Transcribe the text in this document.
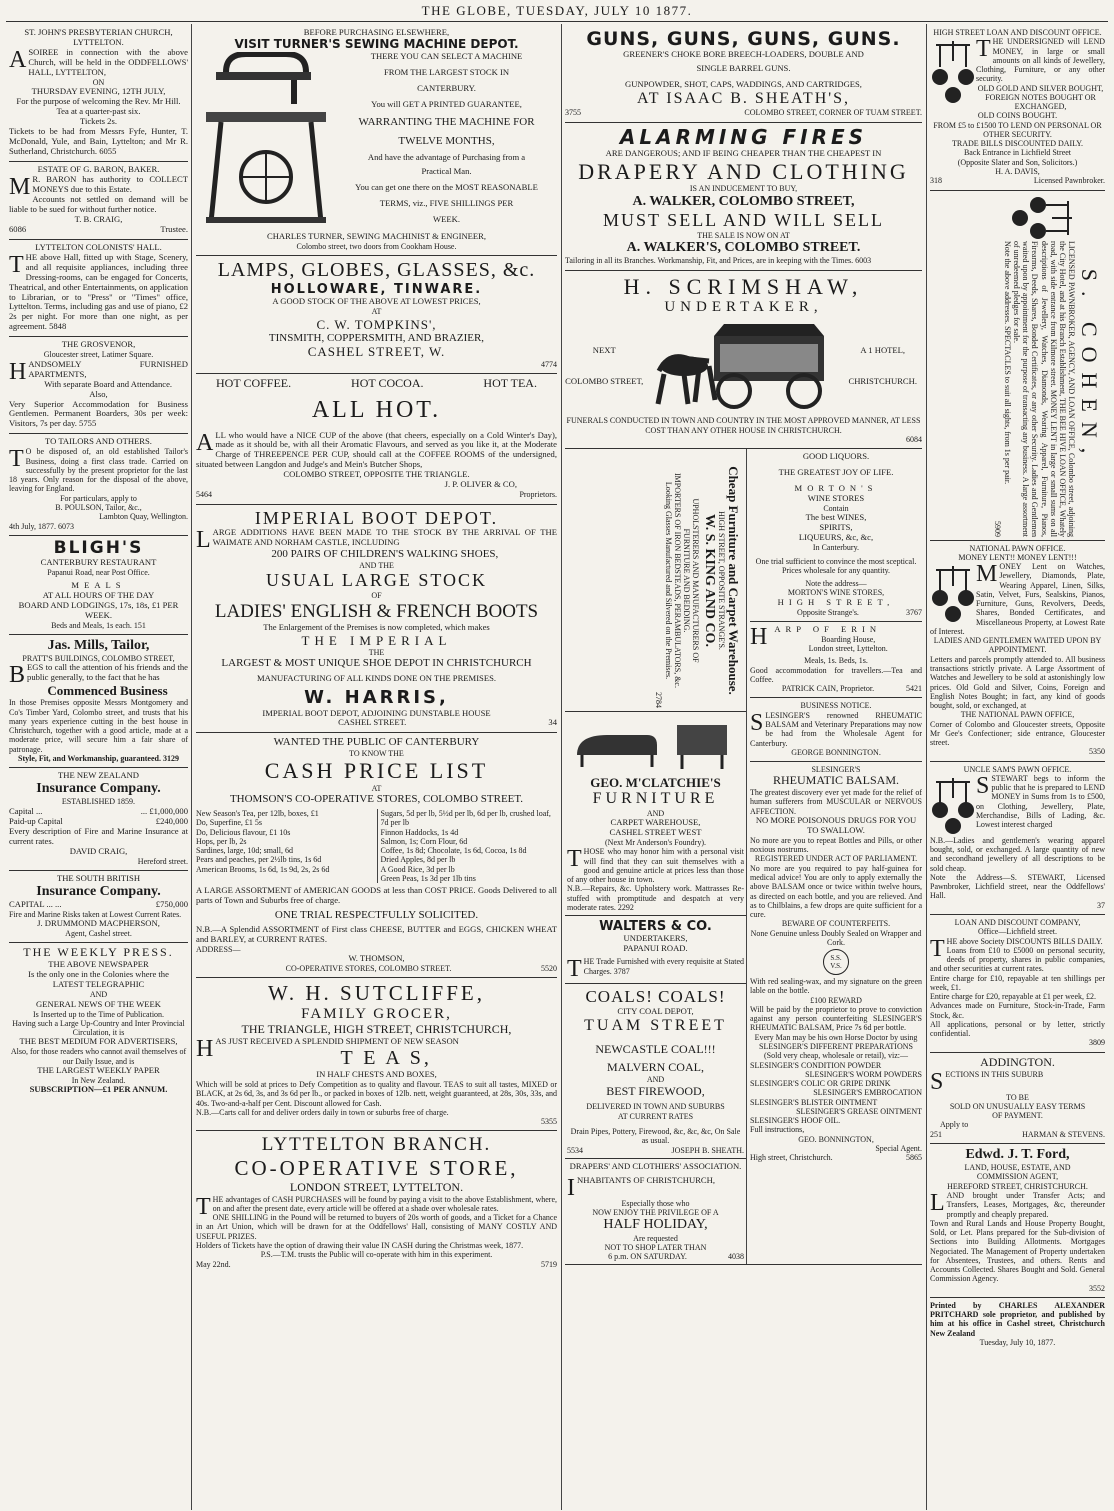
THE GLOBE, TUESDAY, JULY 10 1877.

ST. JOHN'S PRESBYTERIAN CHURCH, LYTTELTON.

ASOIREE in connection with the above Church, will be held in the ODDFELLOWS' HALL, LYTTELTON,

ON

THURSDAY EVENING, 12TH JULY,

For the purpose of welcoming the Rev. Mr Hill.

Tea at a quarter-past six.

Tickets 2s.

Tickets to be had from Messrs Fyfe, Hunter, T. McDonald, Yule, and Bain, Lyttelton; and Mr R. Sutherland, Christchurch. 6055

ESTATE OF G. BARON, BAKER.

M R. BARON has authority to COLLECT MONEYS due to this Estate.

Accounts not settled on demand will be liable to be sued for without further notice.

T. B. CRAIG,

6086	Trustee.

LYTTELTON COLONISTS' HALL.

THE above Hall, fitted up with Stage, Scenery, and all requisite appliances, including three Dressing-rooms, can be engaged for Concerts, Theatrical, and other Entertainments, on application to Librarian, or to "Press" or "Times" office, Lyttelton. Terms, including gas and use of piano, £2 2s per night. For more than one night, as per agreement. 5848

THE GROSVENOR,

Gloucester street, Latimer Square.

HANDSOMELY FURNISHED APARTMENTS,

With separate Board and Attendance.

Also,

Very Superior Accommodation for Business Gentlemen. Permanent Boarders, 30s per week: Visitors, 7s per day. 5755

TO TAILORS AND OTHERS.

T O be disposed of, an old established Tailor's Business, doing a first class trade. Carried on successfully by the present proprietor for the last 18 years. Only reason for the disposal of the above, leaving for England.

For particulars, apply to

B. POULSON, Tailor, &c.,

Lambton Quay, Wellington.

4th July, 1877. 6073

BLIGH'S

CANTERBURY RESTAURANT

Papanui Road, near Post Office.

MEALS

AT ALL HOURS OF THE DAY

BOARD AND LODGINGS, 17s, 18s, £1 PER WEEK.

Beds and Meals, 1s each. 151

Jas. Mills, Tailor,

PRATT'S BUILDINGS, COLOMBO STREET,

BEGS to call the attention of his friends and the public generally, to the fact that he has

Commenced Business

In those Premises opposite Messrs Montgomery and Co's Timber Yard, Colombo street, and trusts that his many years experience cutting in the best house in Christchurch, together with a good article, made at a moderate price, will secure him a fair share of patronage.

Style, Fit, and Workmanship, guaranteed. 3129

THE NEW ZEALAND

Insurance Company.

ESTABLISHED 1859.

Capital ...	... £1,000,000
Paid-up Capital	£240,000

Every description of Fire and Marine Insurance at current rates.

DAVID CRAIG,

Hereford street.

THE SOUTH BRITISH

Insurance Company.

CAPITAL ... ...	£750,000

Fire and Marine Risks taken at Lowest Current Rates.

J. DRUMMOND MACPHERSON,

Agent, Cashel street.

THE WEEKLY PRESS.

THE ABOVE NEWSPAPER

Is the only one in the Colonies where the

LATEST TELEGRAPHIC

AND

GENERAL NEWS OF THE WEEK

Is Inserted up to the Time of Publication.

Having such a Large Up-Country and Inter Provincial Circulation, it is

THE BEST MEDIUM FOR ADVERTISERS,

Also, for those readers who cannot avail themselves of our Daily Issue, and is

THE LARGEST WEEKLY PAPER

In New Zealand.

SUBSCRIPTION—£1 PER ANNUM.

BEFORE PURCHASING ELSEWHERE,

VISIT TURNER'S SEWING MACHINE DEPOT.

THERE YOU CAN SELECT A MACHINE

FROM THE LARGEST STOCK IN

CANTERBURY.

You will GET A PRINTED GUARANTEE,

WARRANTING THE MACHINE FOR

TWELVE MONTHS,

And have the advantage of Purchasing from a

Practical Man.

You can get one there on the MOST REASONABLE

TERMS, viz., FIVE SHILLINGS PER

WEEK.

CHARLES TURNER, SEWING MACHINIST & ENGINEER,

Colombo street, two doors from Cookham House.

LAMPS, GLOBES, GLASSES, &c.

HOLLOWARE, TINWARE.

A GOOD STOCK OF THE ABOVE AT LOWEST PRICES,

AT

C. W. TOMPKINS',

TINSMITH, COPPERSMITH, AND BRAZIER,

CASHEL STREET, W.

4774

HOT COFFEE.	HOT COCOA.	HOT TEA.

ALL HOT.

ALL who would have a NICE CUP of the above (that cheers, especially on a Cold Winter's Day), made as it should be, with all their Aromatic Flavours, and served as you like it, at the Moderate Charge of THREEPENCE PER CUP, should call at the COFFEE ROOMS of the undersigned, situated between Langdon and Judge's and Mein's Butcher Shops,

COLOMBO STREET, OPPOSITE THE TRIANGLE.

J. P. OLIVER & CO,

5464	Proprietors.

IMPERIAL BOOT DEPOT.

LARGE ADDITIONS HAVE BEEN MADE TO THE STOCK BY THE ARRIVAL OF THE WAIMATE AND NORHAM CASTLE, INCLUDING

200 PAIRS OF CHILDREN'S WALKING SHOES,

AND THE

USUAL LARGE STOCK

OF

LADIES' ENGLISH & FRENCH BOOTS

The Enlargement of the Premises is now completed, which makes

THE IMPERIAL

THE

LARGEST & MOST UNIQUE SHOE DEPOT IN CHRISTCHURCH

MANUFACTURING OF ALL KINDS DONE ON THE PREMISES.

W. HARRIS,

IMPERIAL BOOT DEPOT, ADJOINING DUNSTABLE HOUSE

CASHEL STREET.	34

WANTED THE PUBLIC OF CANTERBURY

TO KNOW THE

CASH PRICE LIST

AT

THOMSON'S CO-OPERATIVE STORES, COLOMBO STREET.

New Season's Tea, per 12lb, boxes, £1

Do, Superfine, £1 5s

Do, Delicious flavour, £1 10s

Hops, per lb, 2s

Sardines, large, 10d; small, 6d

Pears and peaches, per 2½lb tins, 1s 6d

American Brooms, 1s 6d, 1s 9d, 2s, 2s 6d

Sugars, 5d per lb, 5½d per lb, 6d per lb, crushed loaf, 7d per lb

Finnon Haddocks, 1s 4d

Salmon, 1s; Corn Flour, 6d

Coffee, 1s 8d; Chocolate, 1s 6d, Cocoa, 1s 8d

Dried Apples, 8d per lb

A Good Rice, 3d per lb

Green Peas, 1s 3d per 1lb tins

A LARGE ASSORTMENT of AMERICAN GOODS at less than COST PRICE. Goods Delivered to all parts of Town and Suburbs free of charge.

ONE TRIAL RESPECTFULLY SOLICITED.

N.B.—A Splendid ASSORTMENT of First class CHEESE, BUTTER and EGGS, CHICKEN WHEAT and BARLEY, at CURRENT RATES.

ADDRESS—

W. THOMSON,

CO-OPERATIVE STORES, COLOMBO STREET.	5520

W. H. SUTCLIFFE,

FAMILY GROCER,

THE TRIANGLE, HIGH STREET, CHRISTCHURCH,

HAS JUST RECEIVED A SPLENDID SHIPMENT OF NEW SEASON

T E A S,

IN HALF CHESTS AND BOXES,

Which will be sold at prices to Defy Competition as to quality and flavour. TEAS to suit all tastes, MIXED or BLACK, at 2s 6d, 3s, and 3s 6d per lb., or packed in boxes of 12lb. nett, weight guaranteed, at 28s, 30s, 33s, and 40s. Two-and-a-half per Cent. Discount allowed for Cash.

N.B.—Carts call for and deliver orders daily in town or suburbs free of charge.

5355

LYTTELTON BRANCH.

CO-OPERATIVE STORE,

LONDON STREET, LYTTELTON.

THE advantages of CASH PURCHASES will be found by paying a visit to the above Establishment, where, on and after the present date, every article will be offered at a shade over wholesale rates.

ONE SHILLING in the Pound will be returned to buyers of 20s worth of goods, and a Ticket for a Chance in an Art Union, which will be drawn for at the Oddfellows' Hall, consisting of MANY COSTLY AND USEFUL PRIZES.

Holders of Tickets have the option of drawing their value IN CASH during the Christmas week, 1877.

P.S.—T.M. trusts the Public will co-operate with him in this experiment.

May 22nd.	5719

GUNS, GUNS, GUNS, GUNS.

GREENER'S CHOKE BORE BREECH-LOADERS, DOUBLE AND

SINGLE BARREL GUNS.

GUNPOWDER, SHOT, CAPS, WADDINGS, AND CARTRIDGES,

AT ISAAC B. SHEATH'S,

3755	COLOMBO STREET, CORNER OF TUAM STREET.

ALARMING FIRES

ARE DANGEROUS; AND IF BEING CHEAPER THAN THE CHEAPEST IN

DRAPERY AND CLOTHING

IS AN INDUCEMENT TO BUY,

A. WALKER, COLOMBO STREET,

MUST SELL AND WILL SELL

THE SALE IS NOW ON AT

A. WALKER'S, COLOMBO STREET.

Tailoring in all its Branches. Workmanship, Fit, and Prices, are in keeping with the Times. 6003

H. SCRIMSHAW,

UNDERTAKER,

NEXT

COLOMBO STREET,

A 1 HOTEL,

CHRISTCHURCH.

FUNERALS CONDUCTED IN TOWN AND COUNTRY IN THE MOST APPROVED MANNER, AT LESS COST THAN ANY OTHER HOUSE IN CHRISTCHURCH.

6084

Cheap Furniture and Carpet Warehouse.

HIGH STREET, OPPOSITE STRANGE'S.

W. S. KING AND CO.

UPHOLSTERERS AND MANUFACTURERS OF

FURNITURE AND BEDDING.

IMPORTERS OF IRON BEDSTEADS, PERAMBULATORS, &c.

Looking Glasses Manufactured and Silvered on the Premises.

2784

GEO. M'CLATCHIE'S

FURNITURE

AND

CARPET WAREHOUSE,

CASHEL STREET WEST

(Next Mr Anderson's Foundry).

THOSE who may honor him with a personal visit will find that they can suit themselves with a good and genuine article at prices less than those of any other house in town.

N.B.—Repairs, &c. Upholstery work. Mattrasses Re-stuffed with promptitude and despatch at very moderate rates. 2292

WALTERS & CO.

UNDERTAKERS,

PAPANUI ROAD.

THE Trade Furnished with every requisite at Stated Charges. 3787

COALS! COALS!

CITY COAL DEPOT,

TUAM STREET

NEWCASTLE COAL!!!

MALVERN COAL,

AND

BEST FIREWOOD,

DELIVERED IN TOWN AND SUBURBS

AT CURRENT RATES

Drain Pipes, Pottery, Firewood, &c, &c, &c, On Sale as usual.

5534	JOSEPH B. SHEATH.

DRAPERS' AND CLOTHIERS' ASSOCIATION.

INHABITANTS OF CHRISTCHURCH,

Especially those who

NOW ENJOY THE PRIVILEGE OF A

HALF HOLIDAY,

Are requested

NOT TO SHOP LATER THAN

6 p.m. ON SATURDAY.	4038

GOOD LIQUORS.

THE GREATEST JOY OF LIFE.

MORTON'S

WINE STORES

Contain

The best WINES,

SPIRITS,

LIQUEURS, &c, &c,

In Canterbury.

One trial sufficient to convince the most sceptical.

Prices wholesale for any quantity.

Note the address—

MORTON'S WINE STORES,

HIGH STREET,

Opposite Strange's.	3767

HARP OF ERIN

Boarding House,

London street, Lyttelton.

Meals, 1s. Beds, 1s.

Good accommodation for travellers.—Tea and Coffee.

PATRICK CAIN, Proprietor.	5421

BUSINESS NOTICE.

SLESINGER'S renowned RHEUMATIC BALSAM and Veterinary Preparations may now be had from the Wholesale Agent for Canterbury.

GEORGE BONNINGTON.

SLESINGER'S

RHEUMATIC BALSAM.

The greatest discovery ever yet made for the relief of human sufferers from MUSCULAR or NERVOUS AFFECTION.

NO MORE POISONOUS DRUGS FOR YOU TO SWALLOW.

No more are you to repeat Bottles and Pills, or other noxious nostrums.

REGISTERED UNDER ACT OF PARLIAMENT.

No more are you required to pay half-guinea for medical advice! You are only to apply externally the above BALSAM once or twice within twelve hours, as directed on each bottle, and you are relieved. And as to Chilblains, a few drops are quite sufficient for a cure.

BEWARE OF COUNTERFEITS.

None Genuine unless Doubly Sealed on Wrapper and Cork.

S.S.
V.S.

With red sealing-wax, and my signature on the green lable on the bottle.

£100 REWARD

Will be paid by the proprietor to prove to conviction against any person counterfeiting SLESINGER'S RHEUMATIC BALSAM, Price 7s 6d per bottle.

Every Man may be his own Horse Doctor by using

SLESINGER'S DIFFERENT PREPARATIONS (Sold very cheap, wholesale or retail), viz:—

SLESINGER'S CONDITION POWDER

SLESINGER'S WORM POWDERS

SLESINGER'S COLIC OR GRIPE DRINK

SLESINGER'S EMBROCATION

SLESINGER'S BLISTER OINTMENT

SLESINGER'S GREASE OINTMENT

SLESINGER'S HOOF OIL.

Full instructions,

GEO. BONNINGTON,

Special Agent.

High street, Christchurch.	5865

HIGH STREET LOAN AND DISCOUNT OFFICE.

THE UNDERSIGNED will LEND MONEY, in large or small amounts on all kinds of Jewellery, Clothing, Furniture, or any other security.

OLD GOLD AND SILVER BOUGHT, FOREIGN NOTES BOUGHT OR EXCHANGED,

OLD COINS BOUGHT.

FROM £5 to £1500 TO LEND ON PERSONAL OR OTHER SECURITY.

TRADE BILLS DISCOUNTED DAILY.

Back Entrance in Lichfield Street

(Opposite Slater and Son, Solicitors.)

H. A. DAVIS,

318	Licensed Pawnbroker.

S. COHEN,

LICENSED PAWNBROKER, AGENCY, AND LOAN OFFICE, Colombo street, adjoining the City Hotel, and at his Branch Establishment, THE BEE HIVE LOAN OFFICE, Whately road, with side entrance from Kilmore street. MONEY LENT in large or small sums on all descriptions of Jewellery, Watches, Diamonds, Wearing Apparel, Furniture, Pianos, Firearms, Deeds, Shares, Bonded Certificates, or any other Security. Ladies and Gentlemen waited upon by appointment for the purpose of transacting any business. A large assortment of unredeemed pledges for sale.

Note the above addresses. SPECTACLES to suit all sights, from 1s per pair.

5909

NATIONAL PAWN OFFICE.

MONEY LENT!! MONEY LENT!!!

MONEY Lent on Watches, Jewellery, Diamonds, Plate, Wearing Apparel, Linen, Silks, Satin, Velvet, Furs, Sealskins, Pianos, Furniture, Guns, Revolvers, Deeds, Shares, Bonded Certificates, and Miscellaneous Property, at Lowest Rate of Interest.

LADIES AND GENTLEMEN WAITED UPON BY APPOINTMENT.

Letters and parcels promptly attended to. All business transactions strictly private. A Large Assortment of Watches and Jewellery to be sold at astonishingly low prices. Old Gold and Silver, Coins, Foreign and English Notes Bought; in fact, any kind of goods bought, sold, or exchanged, at

THE NATIONAL PAWN OFFICE,

Corner of Colombo and Gloucester streets, Opposite Mr Gee's Confectioner; side entrance, Gloucester street.

5350

UNCLE SAM'S PAWN OFFICE.

SSTEWART begs to inform the public that he is prepared to LEND MONEY in Sums from 1s to £500, on Clothing, Jewellery, Plate, Merchandise, Bills of Lading, &c. Lowest interest charged

N.B.—Ladies and gentlemen's wearing apparel bought, sold, or exchanged. A large quantity of new and secondhand jewellery of all descriptions to be sold cheap.

Note the Address—S. STEWART, Licensed Pawnbroker, Lichfield street, near the Oddfellows' Hall.

37

LOAN AND DISCOUNT COMPANY,

Office—Lichfield street.

THE above Society DISCOUNTS BILLS DAILY.

Loans from £10 to £5000 on personal security, deeds of property, shares in public companies, and other securities at current rates.

Entire charge for £10, repayable at ten shillings per week, £1.

Entire charge for £20, repayable at £1 per week, £2.

Advances made on Furniture, Stock-in-Trade, Farm Stock, &c.

All applications, personal or by letter, strictly confidential.

3809

ADDINGTON.

SECTIONS IN THIS SUBURB

TO BE

SOLD ON UNUSUALLY EASY TERMS

OF PAYMENT.

Apply to

251	HARMAN & STEVENS.

Edwd. J. T. Ford,

LAND, HOUSE, ESTATE, AND

COMMISSION AGENT,

HEREFORD STREET, CHRISTCHURCH.

LAND brought under Transfer Acts; and Transfers, Leases, Mortgages, &c, thereunder promptly and cheaply prepared.

Town and Rural Lands and House Property Bought, Sold, or Let. Plans prepared for the Sub-division of Sections into Building Allotments. Mortgages Negociated. The Management of Property undertaken for Absentees, Trustees, and others. Rents and Accounts Collected. Shares Bought and Sold. General Commission Agency.

3552

Printed by CHARLES ALEXANDER PRITCHARD sole proprietor, and published by him at his office in Cashel street, Christchurch New Zealand

Tuesday, July 10, 1877.
